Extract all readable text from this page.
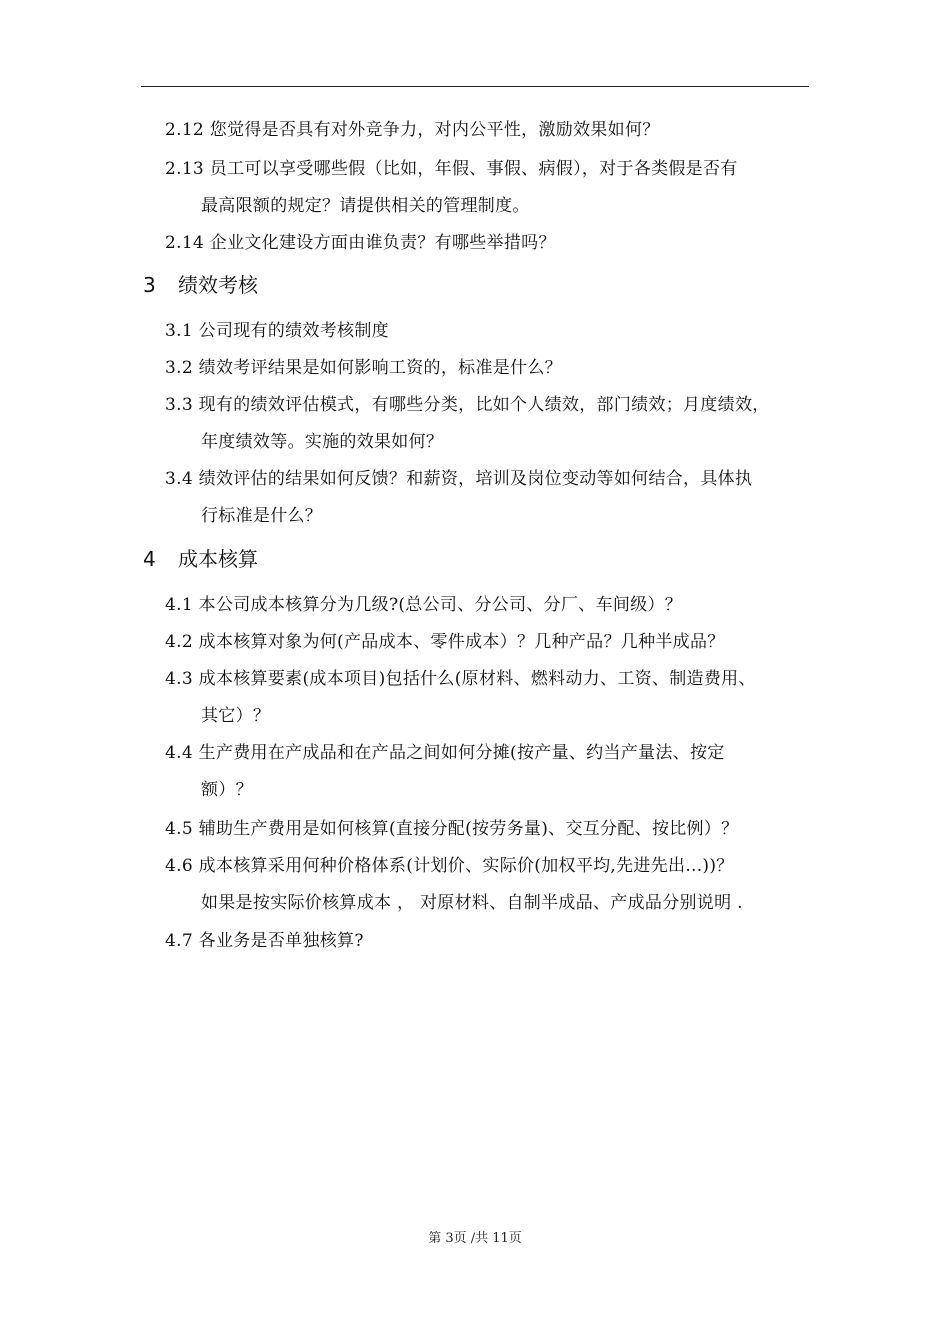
2.12 您觉得是否具有对外竞争力，对内公平性，激励效果如何？
2.13 员工可以享受哪些假（比如，年假、事假、病假），对于各类假是否有
最高限额的规定？请提供相关的管理制度。
2.14 企业文化建设方面由谁负责？有哪些举措吗？
3 绩效考核
3.1 公司现有的绩效考核制度
3.2 绩效考评结果是如何影响工资的，标准是什么？
3.3 现有的绩效评估模式，有哪些分类，比如个人绩效，部门绩效；月度绩效，
年度绩效等。实施的效果如何？
3.4 绩效评估的结果如何反馈？和薪资，培训及岗位变动等如何结合，具体执
行标准是什么？
4 成本核算
4.1 本公司成本核算分为几级?(总公司、分公司、分厂、车间级）？
4.2 成本核算对象为何(产品成本、零件成本）？几种产品？几种半成品？
4.3 成本核算要素(成本项目)包括什么(原材料、燃料动力、工资、制造费用、
其它）？
4.4 生产费用在产成品和在产品之间如何分摊(按产量、约当产量法、按定
额）？
4.5 辅助生产费用是如何核算(直接分配(按劳务量)、交互分配、按比例）？
4.6 成本核算采用何种价格体系(计划价、实际价(加权平均,先进先出...))？
如果是按实际价核算成本 ， 对原材料、自制半成品、产成品分别说明 .
4.7 各业务是否单独核算?
第 3页 /共 11页
